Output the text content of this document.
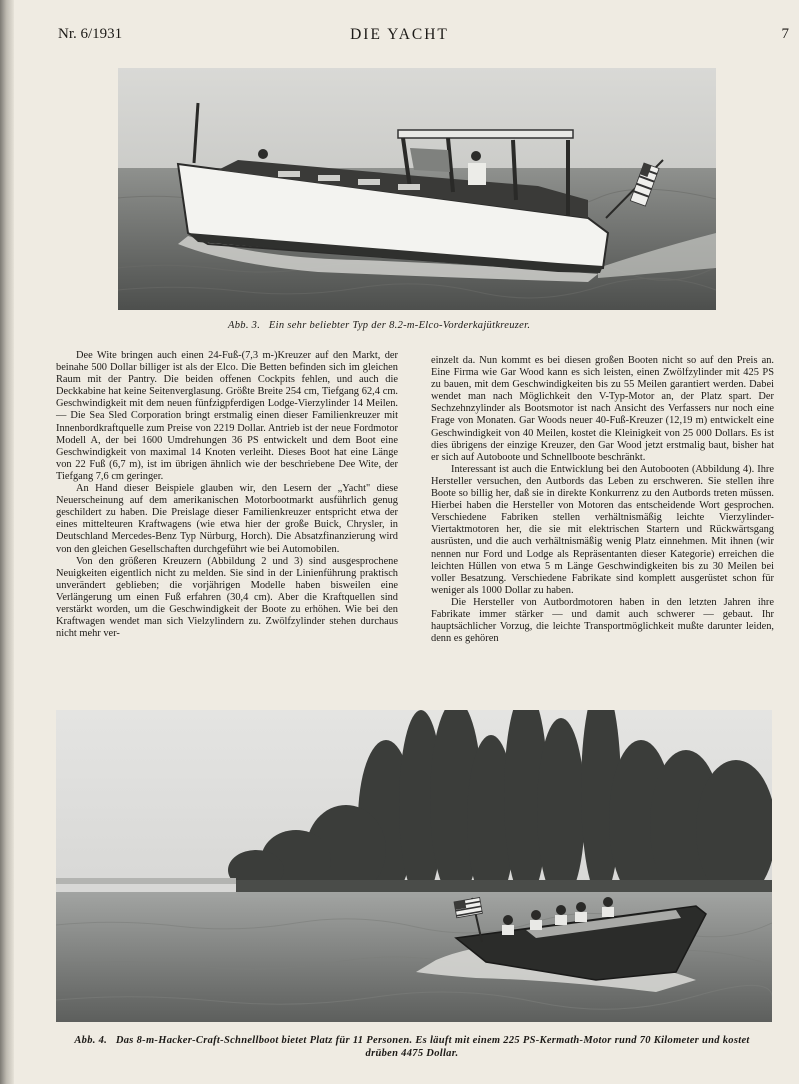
Nr. 6/1931	DIE YACHT	7
Abb. 3. Ein sehr beliebter Typ der 8.2-m-Elco-Vorderkajütkreuzer.

Dee Wite bringen auch einen 24-Fuß-(7,3 m-)Kreuzer auf den Markt, der beinahe 500 Dollar billiger ist als der Elco. Die Betten befinden sich im gleichen Raum mit der Pantry. Die beiden offenen Cockpits fehlen, und auch die Deckkabine hat keine Seitenverglasung. Größte Breite 254 cm, Tiefgang 62,4 cm. Geschwindigkeit mit dem neuen fünfzigpferdigen Lodge-Vierzylinder 14 Meilen. — Die Sea Sled Corporation bringt erstmalig einen dieser Familienkreuzer mit Innenbordkraftquelle zum Preise von 2219 Dollar. Antrieb ist der neue Fordmotor Modell A, der bei 1600 Umdrehungen 36 PS entwickelt und dem Boot eine Geschwindigkeit von maximal 14 Knoten verleiht. Dieses Boot hat eine Länge von 22 Fuß (6,7 m), ist im übrigen ähnlich wie der beschriebene Dee Wite, der Tiefgang 7,6 cm geringer.

An Hand dieser Beispiele glauben wir, den Lesern der „Yacht" diese Neuerscheinung auf dem amerikanischen Motorbootmarkt ausführlich genug geschildert zu haben. Die Preislage dieser Familienkreuzer entspricht etwa der eines mittelteuren Kraftwagens (wie etwa hier der große Buick, Chrysler, in Deutschland Mercedes-Benz Typ Nürburg, Horch). Die Absatzfinanzierung wird von den gleichen Gesellschaften durchgeführt wie bei Automobilen.

Von den größeren Kreuzern (Abbildung 2 und 3) sind ausgesprochene Neuigkeiten eigentlich nicht zu melden. Sie sind in der Linienführung praktisch unverändert geblieben; die vorjährigen Modelle haben bisweilen eine Verlängerung um einen Fuß erfahren (30,4 cm). Aber die Kraftquellen sind verstärkt worden, um die Geschwindigkeit der Boote zu erhöhen. Wie bei den Kraftwagen wendet man sich Vielzylindern zu. Zwölfzylinder stehen durchaus nicht mehr ver-

einzelt da. Nun kommt es bei diesen großen Booten nicht so auf den Preis an. Eine Firma wie Gar Wood kann es sich leisten, einen Zwölfzylinder mit 425 PS zu bauen, mit dem Geschwindigkeiten bis zu 55 Meilen garantiert werden. Dabei wendet man nach Möglichkeit den V-Typ-Motor an, der Platz spart. Der Sechzehnzylinder als Bootsmotor ist nach Ansicht des Verfassers nur noch eine Frage von Monaten. Gar Woods neuer 40-Fuß-Kreuzer (12,19 m) entwickelt eine Geschwindigkeit von 40 Meilen, kostet die Kleinigkeit von 25 000 Dollars. Es ist dies übrigens der einzige Kreuzer, den Gar Wood jetzt erstmalig baut, bisher hat er sich auf Autoboote und Schnellboote beschränkt.

Interessant ist auch die Entwicklung bei den Autobooten (Abbildung 4). Ihre Hersteller versuchen, den Autbords das Leben zu erschweren. Sie stellen ihre Boote so billig her, daß sie in direkte Konkurrenz zu den Autbords treten müssen. Hierbei haben die Hersteller von Motoren das entscheidende Wort gesprochen. Verschiedene Fabriken stellen verhältnismäßig leichte Vierzylinder-Viertaktmotoren her, die sie mit elektrischen Startern und Rückwärtsgang ausrüsten, und die auch verhältnismäßig wenig Platz einnehmen. Mit ihnen (wir nennen nur Ford und Lodge als Repräsentanten dieser Kategorie) erreichen die leichten Hüllen von etwa 5 m Länge Geschwindigkeiten bis zu 30 Meilen bei voller Besatzung. Verschiedene Fabrikate sind komplett ausgerüstet schon für weniger als 1000 Dollar zu haben.

Die Hersteller von Autbordmotoren haben in den letzten Jahren ihre Fabrikate immer stärker — und damit auch schwerer — gebaut. Ihr hauptsächlicher Vorzug, die leichte Transportmöglichkeit mußte darunter leiden, denn es gehören

Abb. 4. Das 8-m-Hacker-Craft-Schnellboot bietet Platz für 11 Personen. Es läuft mit einem 225 PS-Kermath-Motor rund 70 Kilometer und kostet drüben 4475 Dollar.
